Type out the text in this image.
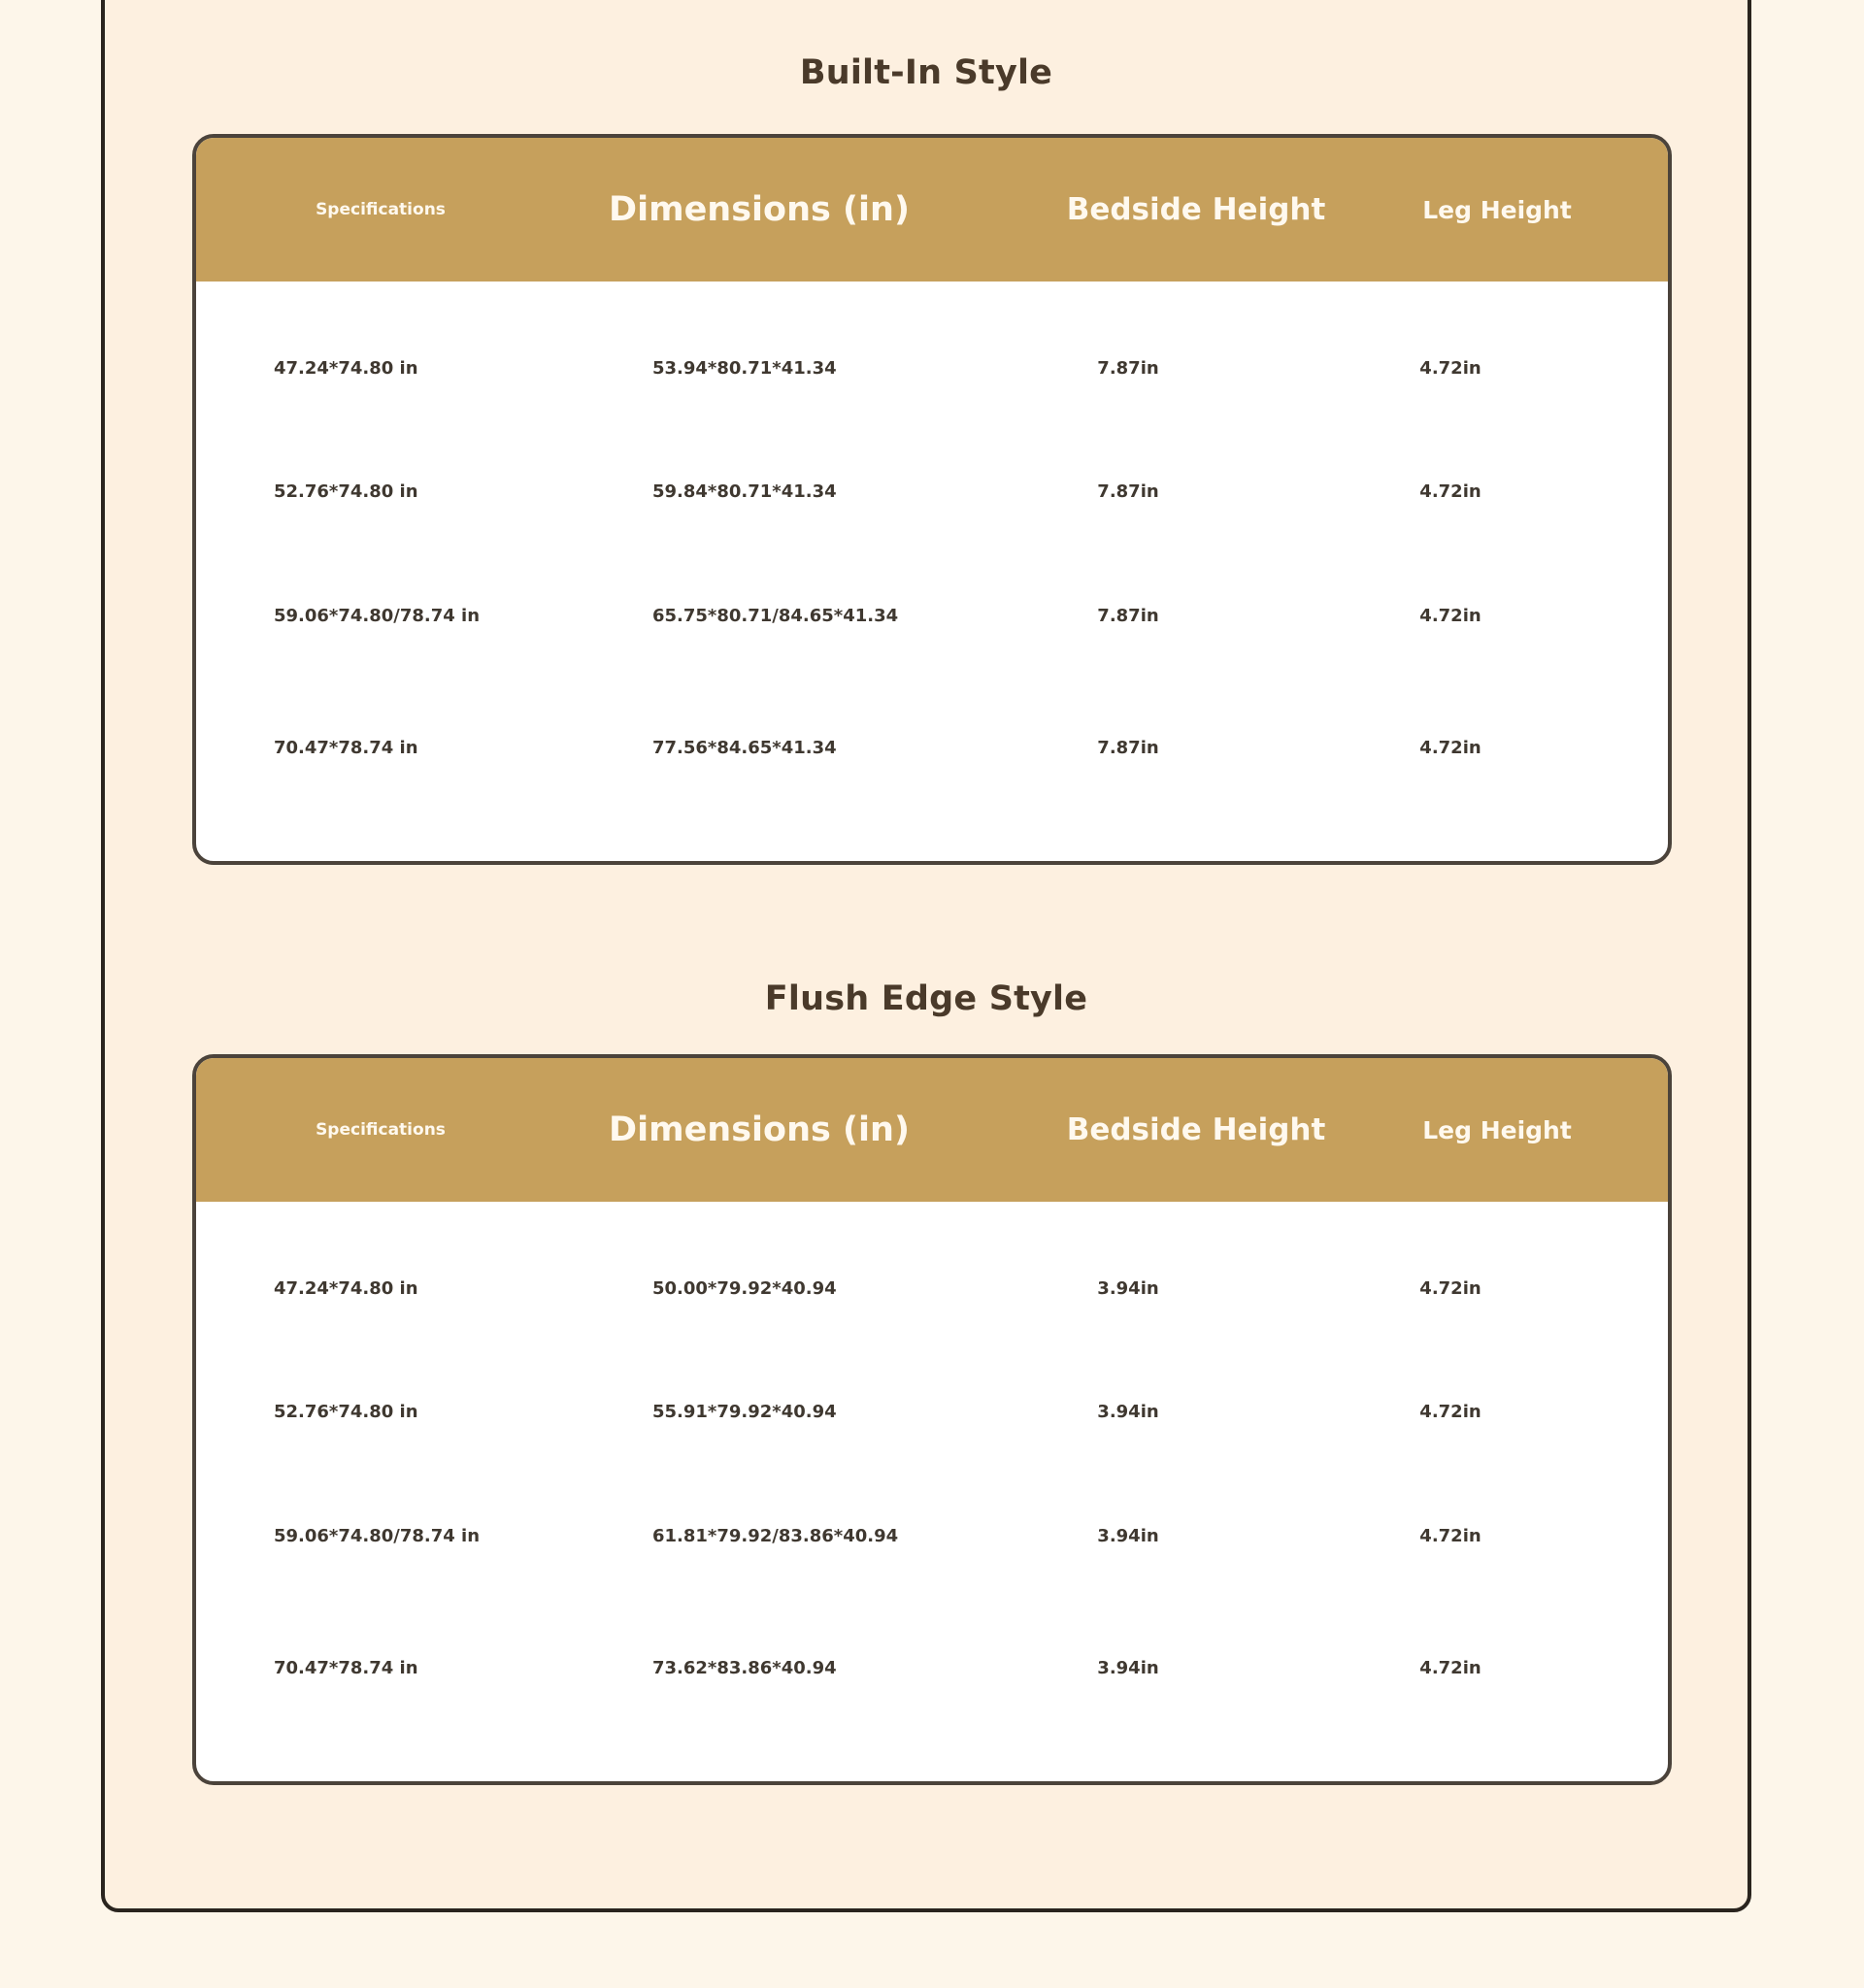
Built-In Style
Specifications	Dimensions (in)	Bedside Height	Leg Height
47.24*74.80 in	53.94*80.71*41.34	7.87in	4.72in
52.76*74.80 in	59.84*80.71*41.34	7.87in	4.72in
59.06*74.80/78.74 in	65.75*80.71/84.65*41.34	7.87in	4.72in
70.47*78.74 in	77.56*84.65*41.34	7.87in	4.72in
Flush Edge Style
Specifications	Dimensions (in)	Bedside Height	Leg Height
47.24*74.80 in	50.00*79.92*40.94	3.94in	4.72in
52.76*74.80 in	55.91*79.92*40.94	3.94in	4.72in
59.06*74.80/78.74 in	61.81*79.92/83.86*40.94	3.94in	4.72in
70.47*78.74 in	73.62*83.86*40.94	3.94in	4.72in
